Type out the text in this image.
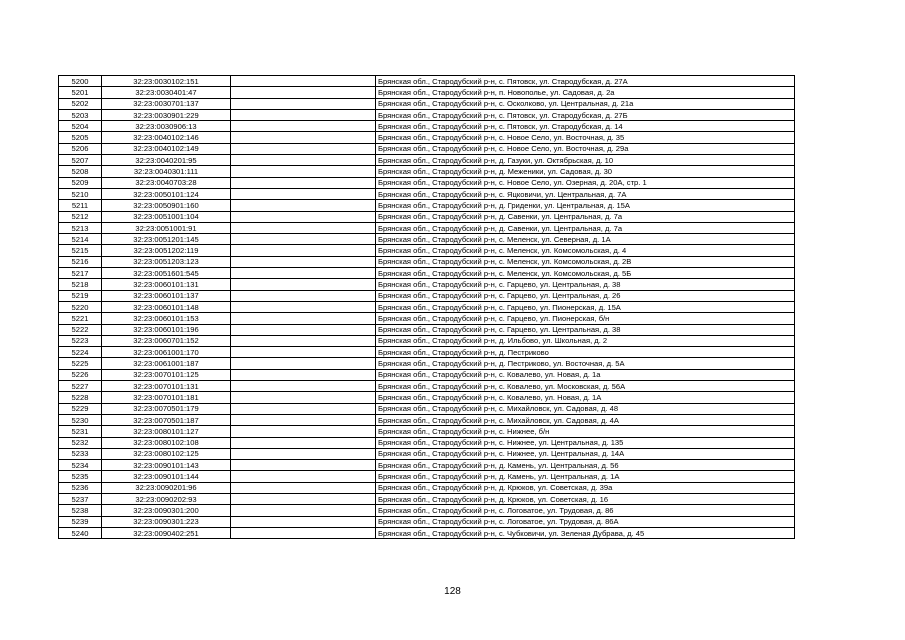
5200	32:23:0030102:151		Брянская обл., Стародубский р-н, с. Пятовск, ул. Стародубская, д. 27А
5201	32:23:0030401:47		Брянская обл., Стародубский р-н, п. Новополье, ул. Садовая, д. 2а
5202	32:23:0030701:137		Брянская обл., Стародубский р-н, с. Осколково, ул. Центральная, д. 21а
5203	32:23:0030901:229		Брянская обл., Стародубский р-н, с. Пятовск, ул. Стародубская, д. 27Б
5204	32:23:0030906:13		Брянская обл., Стародубский р-н, с. Пятовск, ул. Стародубская, д. 14
5205	32:23:0040102:146		Брянская обл., Стародубский р-н, с. Новое Село, ул. Восточная, д. 35
5206	32:23:0040102:149		Брянская обл., Стародубский р-н, с. Новое Село, ул. Восточная, д. 29а
5207	32:23:0040201:95		Брянская обл., Стародубский р-н, д. Газуки, ул. Октябрьская, д. 10
5208	32:23:0040301:111		Брянская обл., Стародубский р-н, д. Меженики, ул. Садовая, д. 30
5209	32:23:0040703:28		Брянская обл., Стародубский р-н, с. Новое Село, ул. Озерная, д. 20А, стр. 1
5210	32:23:0050101:124		Брянская обл., Стародубский р-н, с. Яцковичи, ул. Центральная, д. 7А
5211	32:23:0050901:160		Брянская обл., Стародубский р-н, д. Гриденки, ул. Центральная, д. 15А
5212	32:23:0051001:104		Брянская обл., Стародубский р-н, д. Савенки, ул. Центральная, д. 7а
5213	32:23:0051001:91		Брянская обл., Стародубский р-н, д. Савенки, ул. Центральная, д. 7а
5214	32:23:0051201:145		Брянская обл., Стародубский р-н, с. Меленск, ул. Северная, д. 1А
5215	32:23:0051202:119		Брянская обл., Стародубский р-н, с. Меленск, ул. Комсомольская, д. 4
5216	32:23:0051203:123		Брянская обл., Стародубский р-н, с. Меленск, ул. Комсомольская, д. 2В
5217	32:23:0051601:545		Брянская обл., Стародубский р-н, с. Меленск, ул. Комсомольская, д. 5Б
5218	32:23:0060101:131		Брянская обл., Стародубский р-н, с. Гарцево, ул. Центральная, д. 38
5219	32:23:0060101:137		Брянская обл., Стародубский р-н, с. Гарцево, ул. Центральная, д. 26
5220	32:23:0060101:148		Брянская обл., Стародубский р-н, с. Гарцево, ул. Пионерская, д. 15А
5221	32:23:0060101:153		Брянская обл., Стародубский р-н, с. Гарцево, ул. Пионерская, б/н
5222	32:23:0060101:196		Брянская обл., Стародубский р-н, с. Гарцево, ул. Центральная, д. 38
5223	32:23:0060701:152		Брянская обл., Стародубский р-н, д. Ильбово, ул. Школьная, д. 2
5224	32:23:0061001:170		Брянская обл., Стародубский р-н, д. Пестриково
5225	32:23:0061001:187		Брянская обл., Стародубский р-н, д. Пестриково, ул. Восточная, д. 5А
5226	32:23:0070101:125		Брянская обл., Стародубский р-н, с. Ковалево, ул. Новая, д. 1а
5227	32:23:0070101:131		Брянская обл., Стародубский р-н, с. Ковалево, ул. Московская, д. 56А
5228	32:23:0070101:181		Брянская обл., Стародубский р-н, с. Ковалево, ул. Новая, д. 1А
5229	32:23:0070501:179		Брянская обл., Стародубский р-н, с. Михайловск, ул. Садовая, д. 48
5230	32:23:0070501:187		Брянская обл., Стародубский р-н, с. Михайловск, ул. Садовая, д. 4А
5231	32:23:0080101:127		Брянская обл., Стародубский р-н, с. Нижнее, б/н
5232	32:23:0080102:108		Брянская обл., Стародубский р-н, с. Нижнее, ул. Центральная, д. 135
5233	32:23:0080102:125		Брянская обл., Стародубский р-н, с. Нижнее, ул. Центральная, д. 14А
5234	32:23:0090101:143		Брянская обл., Стародубский р-н, д. Камень, ул. Центральная, д. 56
5235	32:23:0090101:144		Брянская обл., Стародубский р-н, д. Камень, ул. Центральная, д. 1А
5236	32:23:0090201:96		Брянская обл., Стародубский р-н, д. Крюков, ул. Советская, д. 39а
5237	32:23:0090202:93		Брянская обл., Стародубский р-н, д. Крюков, ул. Советская, д. 16
5238	32:23:0090301:200		Брянская обл., Стародубский р-н, с. Логоватое, ул. Трудовая, д. 86
5239	32:23:0090301:223		Брянская обл., Стародубский р-н, с. Логоватое, ул. Трудовая, д. 86А
5240	32:23:0090402:251		Брянская обл., Стародубский р-н, с. Чубковичи, ул. Зеленая Дубрава, д. 45
128
